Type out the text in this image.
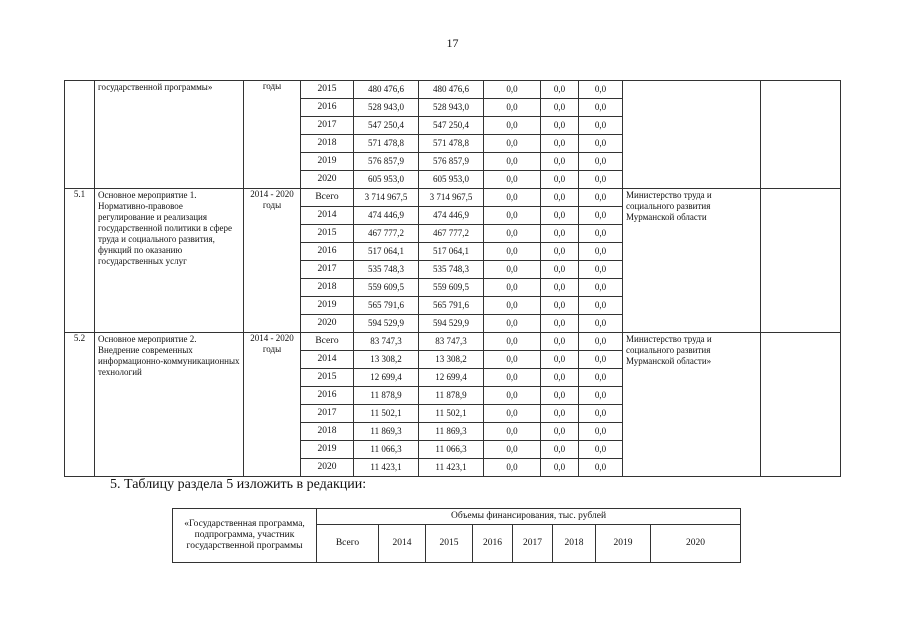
17
	государственной программы»	годы	2015	480 476,6	480 476,6	0,0	0,0	0,0		
			2016	528 943,0	528 943,0	0,0	0,0	0,0		
			2017	547 250,4	547 250,4	0,0	0,0	0,0		
			2018	571 478,8	571 478,8	0,0	0,0	0,0		
			2019	576 857,9	576 857,9	0,0	0,0	0,0		
			2020	605 953,0	605 953,0	0,0	0,0	0,0		
5.1	Основное мероприятие 1. Нормативно-правовое регулирование и реализация государственной политики в сфере труда и социального развития, функций по оказанию государственных услуг	2014 - 2020 годы	Всего	3 714 967,5	3 714 967,5	0,0	0,0	0,0	Министерство труда и социального развития Мурманской области	
			2014	474 446,9	474 446,9	0,0	0,0	0,0		
			2015	467 777,2	467 777,2	0,0	0,0	0,0		
			2016	517 064,1	517 064,1	0,0	0,0	0,0		
			2017	535 748,3	535 748,3	0,0	0,0	0,0		
			2018	559 609,5	559 609,5	0,0	0,0	0,0		
			2019	565 791,6	565 791,6	0,0	0,0	0,0		
			2020	594 529,9	594 529,9	0,0	0,0	0,0		
5.2	Основное мероприятие 2. Внедрение современных информационно-коммуникационных технологий	2014 - 2020 годы	Всего	83 747,3	83 747,3	0,0	0,0	0,0	Министерство труда и социального развития Мурманской области»	
			2014	13 308,2	13 308,2	0,0	0,0	0,0		
			2015	12 699,4	12 699,4	0,0	0,0	0,0		
			2016	11 878,9	11 878,9	0,0	0,0	0,0		
			2017	11 502,1	11 502,1	0,0	0,0	0,0		
			2018	11 869,3	11 869,3	0,0	0,0	0,0		
			2019	11 066,3	11 066,3	0,0	0,0	0,0		
			2020	11 423,1	11 423,1	0,0	0,0	0,0		
5. Таблицу раздела 5 изложить в редакции:
«Государственная программа, подпрограмма, участник государственной программы	Объемы финансирования, тыс. рублей							
	Всего	2014	2015	2016	2017	2018	2019	2020
